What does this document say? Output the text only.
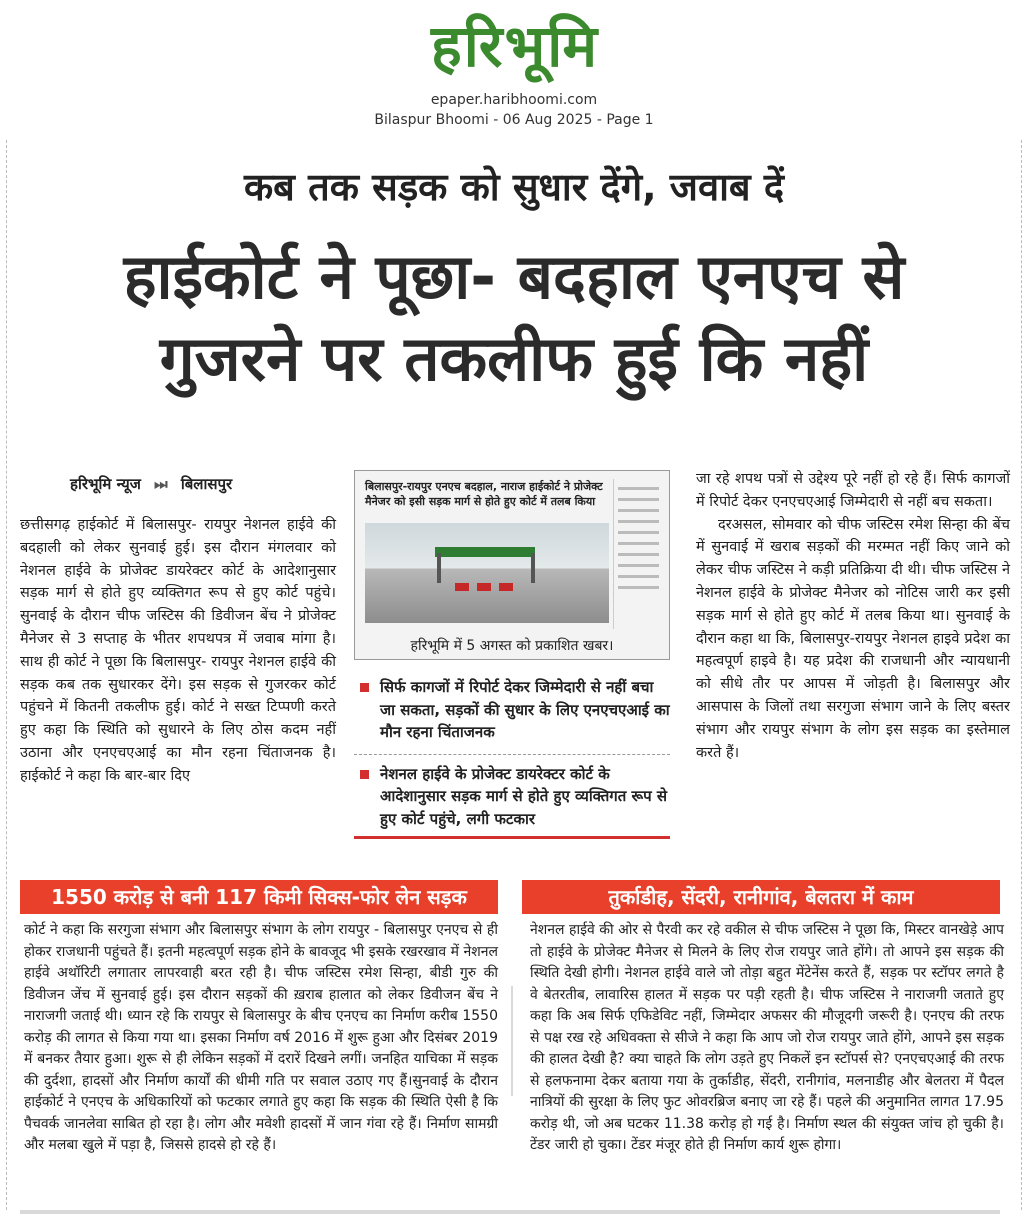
हरिभूमि
epaper.haribhoomi.com
Bilaspur Bhoomi - 06 Aug 2025 - Page 1
कब तक सड़क को सुधार देंगे, जवाब दें
हाईकोर्ट ने पूछा- बदहाल एनएच से
गुजरने पर तकलीफ हुई कि नहीं
हरिभूमि न्यूज ⏭ बिलासपुर

छत्तीसगढ़ हाईकोर्ट में बिलासपुर- रायपुर नेशनल हाईवे की बदहाली को लेकर सुनवाई हुई। इस दौरान मंगलवार को नेशनल हाईवे के प्रोजेक्ट डायरेक्टर कोर्ट के आदेशानुसार सड़क मार्ग से होते हुए व्यक्तिगत रूप से हुए कोर्ट पहुंचे। सुनवाई के दौरान चीफ जस्टिस की डिवीजन बेंच ने प्रोजेक्ट मैनेजर से 3 सप्ताह के भीतर शपथपत्र में जवाब मांगा है। साथ ही कोर्ट ने पूछा कि बिलासपुर- रायपुर नेशनल हाईवे की सड़क कब तक सुधारकर देंगे। इस सड़क से गुजरकर कोर्ट पहुंचने में कितनी तकलीफ हुई। कोर्ट ने सख्त टिप्पणी करते हुए कहा कि स्थिति को सुधारने के लिए ठोस कदम नहीं उठाना और एनएचएआई का मौन रहना चिंताजनक है। हाईकोर्ट ने कहा कि बार-बार दिए

बिलासपुर-रायपुर एनएच बदहाल, नाराज हाईकोर्ट ने प्रोजेक्ट मैनेजर को इसी सड़क मार्ग से होते हुए कोर्ट में तलब किया
हरिभूमि में 5 अगस्त को प्रकाशित खबर।
सिर्फ कागजों में रिपोर्ट देकर जिम्मेदारी से नहीं बचा जा सकता, सड़कों की सुधार के लिए एनएचएआई का मौन रहना चिंताजनक
नेशनल हाईवे के प्रोजेक्ट डायरेक्टर कोर्ट के आदेशानुसार सड़क मार्ग से होते हुए व्यक्तिगत रूप से हुए कोर्ट पहुंचे, लगी फटकार

जा रहे शपथ पत्रों से उद्देश्य पूरे नहीं हो रहे हैं। सिर्फ कागजों में रिपोर्ट देकर एनएचएआई जिम्मेदारी से नहीं बच सकता।

दरअसल, सोमवार को चीफ जस्टिस रमेश सिन्हा की बेंच में सुनवाई में खराब सड़कों की मरम्मत नहीं किए जाने को लेकर चीफ जस्टिस ने कड़ी प्रतिक्रिया दी थी। चीफ जस्टिस ने नेशनल हाईवे के प्रोजेक्ट मैनेजर को नोटिस जारी कर इसी सड़क मार्ग से होते हुए कोर्ट में तलब किया था। सुनवाई के दौरान कहा था कि, बिलासपुर-रायपुर नेशनल हाइवे प्रदेश का महत्वपूर्ण हाइवे है। यह प्रदेश की राजधानी और न्यायधानी को सीधे तौर पर आपस में जोड़ती है। बिलासपुर और आसपास के जिलों तथा सरगुजा संभाग जाने के लिए बस्तर संभाग और रायपुर संभाग के लोग इस सड़क का इस्तेमाल करते हैं।

1550 करोड़ से बनी 117 किमी सिक्स-फोर लेन सड़क	तुर्काडीह, सेंदरी, रानीगांव, बेलतरा में काम
कोर्ट ने कहा कि सरगुजा संभाग और बिलासपुर संभाग के लोग रायपुर - बिलासपुर एनएच से ही होकर राजधानी पहुंचते हैं। इतनी महत्वपूर्ण सड़क होने के बावजूद भी इसके रखरखाव में नेशनल हाईवे अथॉरिटी लगातार लापरवाही बरत रही है। चीफ जस्टिस रमेश सिन्हा, बीडी गुरु की डिवीजन जेंच में सुनवाई हुई। इस दौरान सड़कों की ख़राब हालात को लेकर डिवीजन बेंच ने नाराजगी जताई थी। ध्यान रहे कि रायपुर से बिलासपुर के बीच एनएच का निर्माण करीब 1550 करोड़ की लागत से किया गया था। इसका निर्माण वर्ष 2016 में शुरू हुआ और दिसंबर 2019 में बनकर तैयार हुआ। शुरू से ही लेकिन सड़कों में दरारें दिखने लगीं। जनहित याचिका में सड़क की दुर्दशा, हादसों और निर्माण कार्यों की धीमी गति पर सवाल उठाए गए हैं।सुनवाई के दौरान हाईकोर्ट ने एनएच के अधिकारियों को फटकार लगाते हुए कहा कि सड़क की स्थिति ऐसी है कि पैचवर्क जानलेवा साबित हो रहा है। लोग और मवेशी हादसों में जान गंवा रहे हैं। निर्माण सामग्री और मलबा खुले में पड़ा है, जिससे हादसे हो रहे हैं।
नेशनल हाईवे की ओर से पैरवी कर रहे वकील से चीफ जस्टिस ने पूछा कि, मिस्टर वानखेड़े आप तो हाईवे के प्रोजेक्ट मैनेजर से मिलने के लिए रोज रायपुर जाते होंगे। तो आपने इस सड़क की स्थिति देखी होगी। नेशनल हाईवे वाले जो तोड़ा बहुत मेंटेनेंस करते हैं, सड़क पर स्टॉपर लगते है वे बेतरतीब, लावारिस हालत में सड़क पर पड़ी रहती है। चीफ जस्टिस ने नाराजगी जताते हुए कहा कि अब सिर्फ एफिडेविट नहीं, जिम्मेदार अफसर की मौजूदगी जरूरी है। एनएच की तरफ से पक्ष रख रहे अधिवक्ता से सीजे ने कहा कि आप जो रोज रायपुर जाते होंगे, आपने इस सड़क की हालत देखी है? क्या चाहते कि लोग उड़ते हुए निकलें इन स्टॉपर्स से? एनएचएआई की तरफ से हलफनामा देकर बताया गया के तुर्काडीह, सेंदरी, रानीगांव, मलनाडीह और बेलतरा में पैदल नात्रियों की सुरक्षा के लिए फुट ओवरब्रिज बनाए जा रहे हैं। पहले की अनुमानित लागत 17.95 करोड़ थी, जो अब घटकर 11.38 करोड़ हो गई है। निर्माण स्थल की संयुक्त जांच हो चुकी है। टेंडर जारी हो चुका। टेंडर मंजूर होते ही निर्माण कार्य शुरू होगा।
